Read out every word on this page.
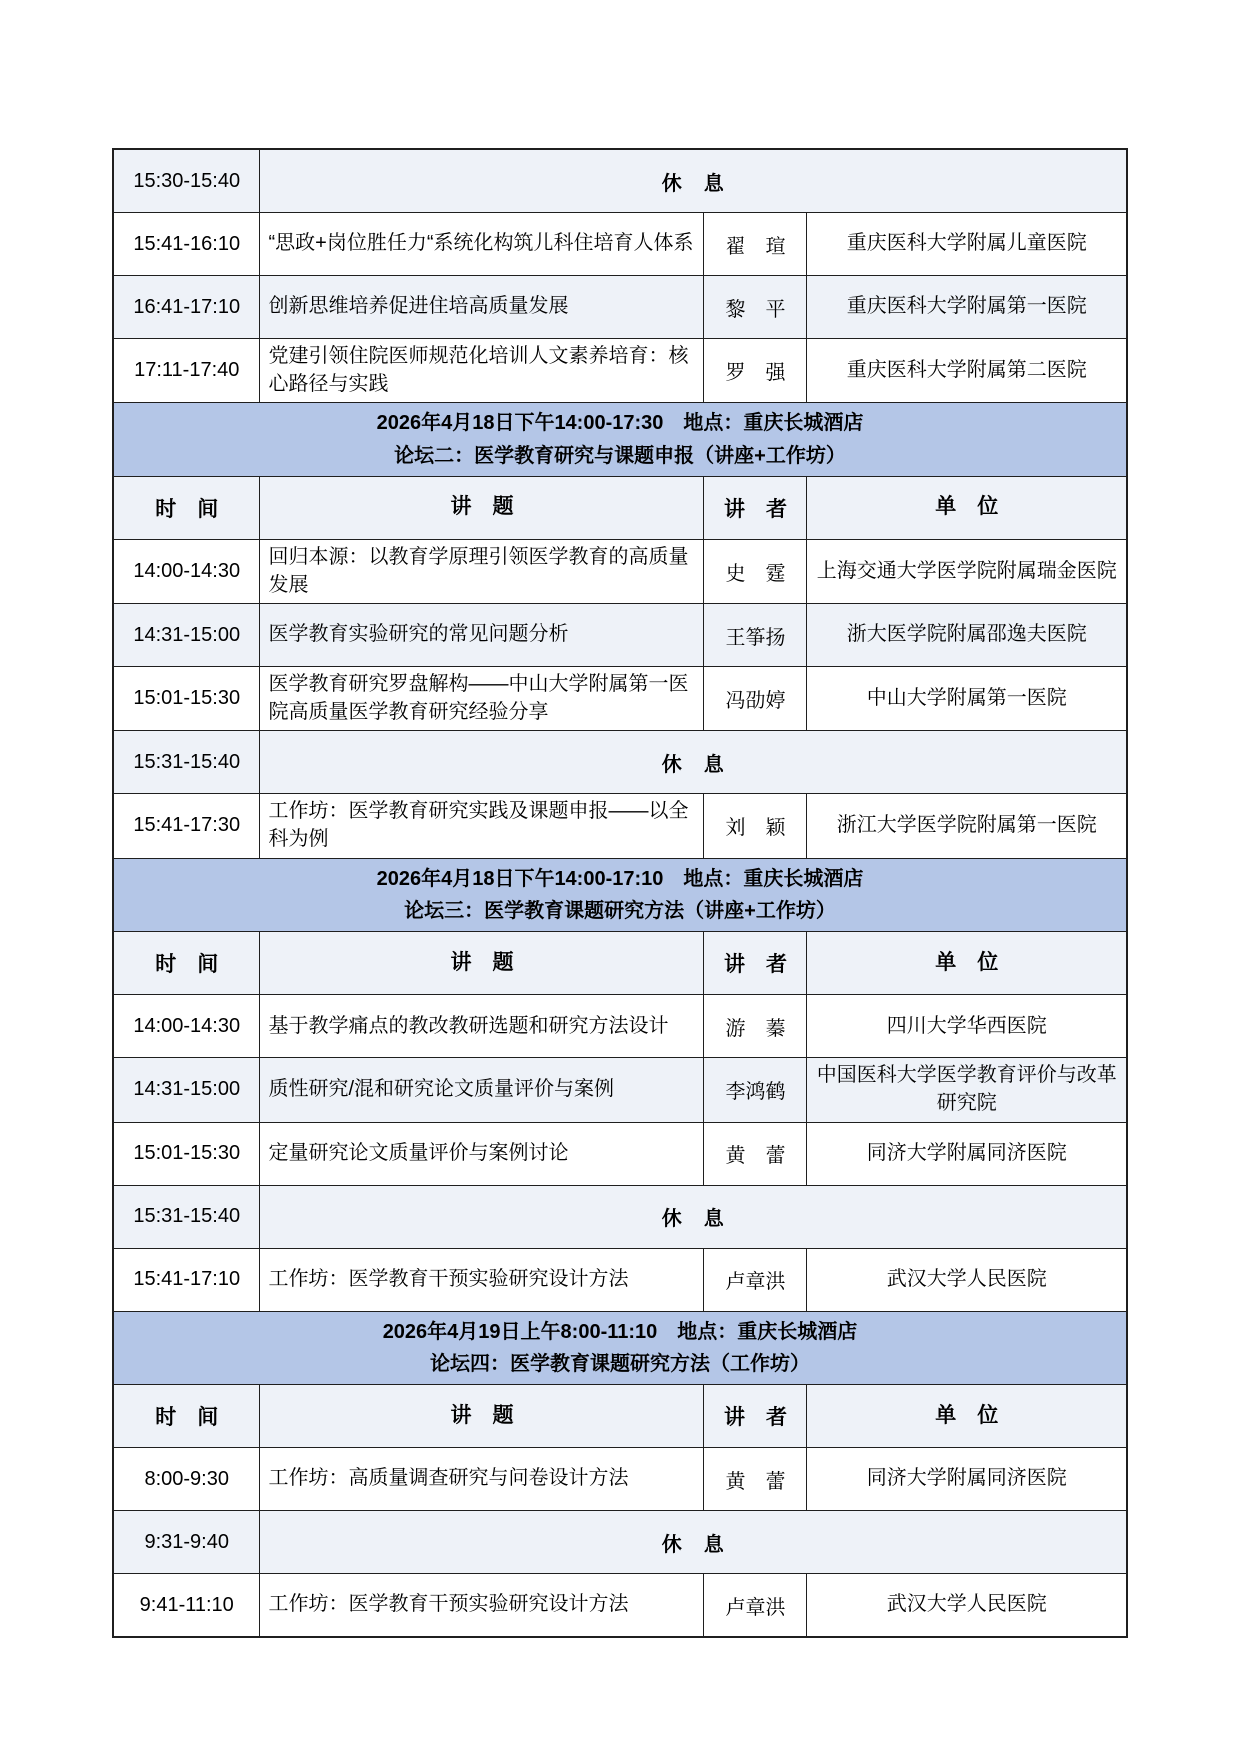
15:30-15:40	休　息		
15:41-16:10	“思政+岗位胜任力“系统化构筑儿科住培育人体系	翟　瑄	重庆医科大学附属儿童医院
16:41-17:10	创新思维培养促进住培高质量发展	黎　平	重庆医科大学附属第一医院
17:11-17:40	党建引领住院医师规范化培训人文素养培育：核心路径与实践	罗　强	重庆医科大学附属第二医院

2026年4月18日下午14:00-17:30　地点：重庆长城酒店
论坛二：医学教育研究与课题申报（讲座+工作坊）			

时　间	讲　题	讲　者	单　位
14:00-14:30	回归本源：以教育学原理引领医学教育的高质量发展	史　霆	上海交通大学医学院附属瑞金医院
14:31-15:00	医学教育实验研究的常见问题分析	王筝扬	浙大医学院附属邵逸夫医院
15:01-15:30	医学教育研究罗盘解构——中山大学附属第一医院高质量医学教育研究经验分享	冯劭婷	中山大学附属第一医院
15:31-15:40	休　息		
15:41-17:30	工作坊：医学教育研究实践及课题申报——以全科为例	刘　颖	浙江大学医学院附属第一医院

2026年4月18日下午14:00-17:10　地点：重庆长城酒店
论坛三：医学教育课题研究方法（讲座+工作坊）			

时　间	讲　题	讲　者	单　位
14:00-14:30	基于教学痛点的教改教研选题和研究方法设计	游　蓁	四川大学华西医院
14:31-15:00	质性研究/混和研究论文质量评价与案例	李鸿鹤	中国医科大学医学教育评价与改革研究院
15:01-15:30	定量研究论文质量评价与案例讨论	黄　蕾	同济大学附属同济医院
15:31-15:40	休　息		
15:41-17:10	工作坊：医学教育干预实验研究设计方法	卢章洪	武汉大学人民医院

2026年4月19日上午8:00-11:10　地点：重庆长城酒店
论坛四：医学教育课题研究方法（工作坊）			

时　间	讲　题	讲　者	单　位
8:00-9:30	工作坊：高质量调查研究与问卷设计方法	黄　蕾	同济大学附属同济医院
9:31-9:40	休　息		
9:41-11:10	工作坊：医学教育干预实验研究设计方法	卢章洪	武汉大学人民医院
